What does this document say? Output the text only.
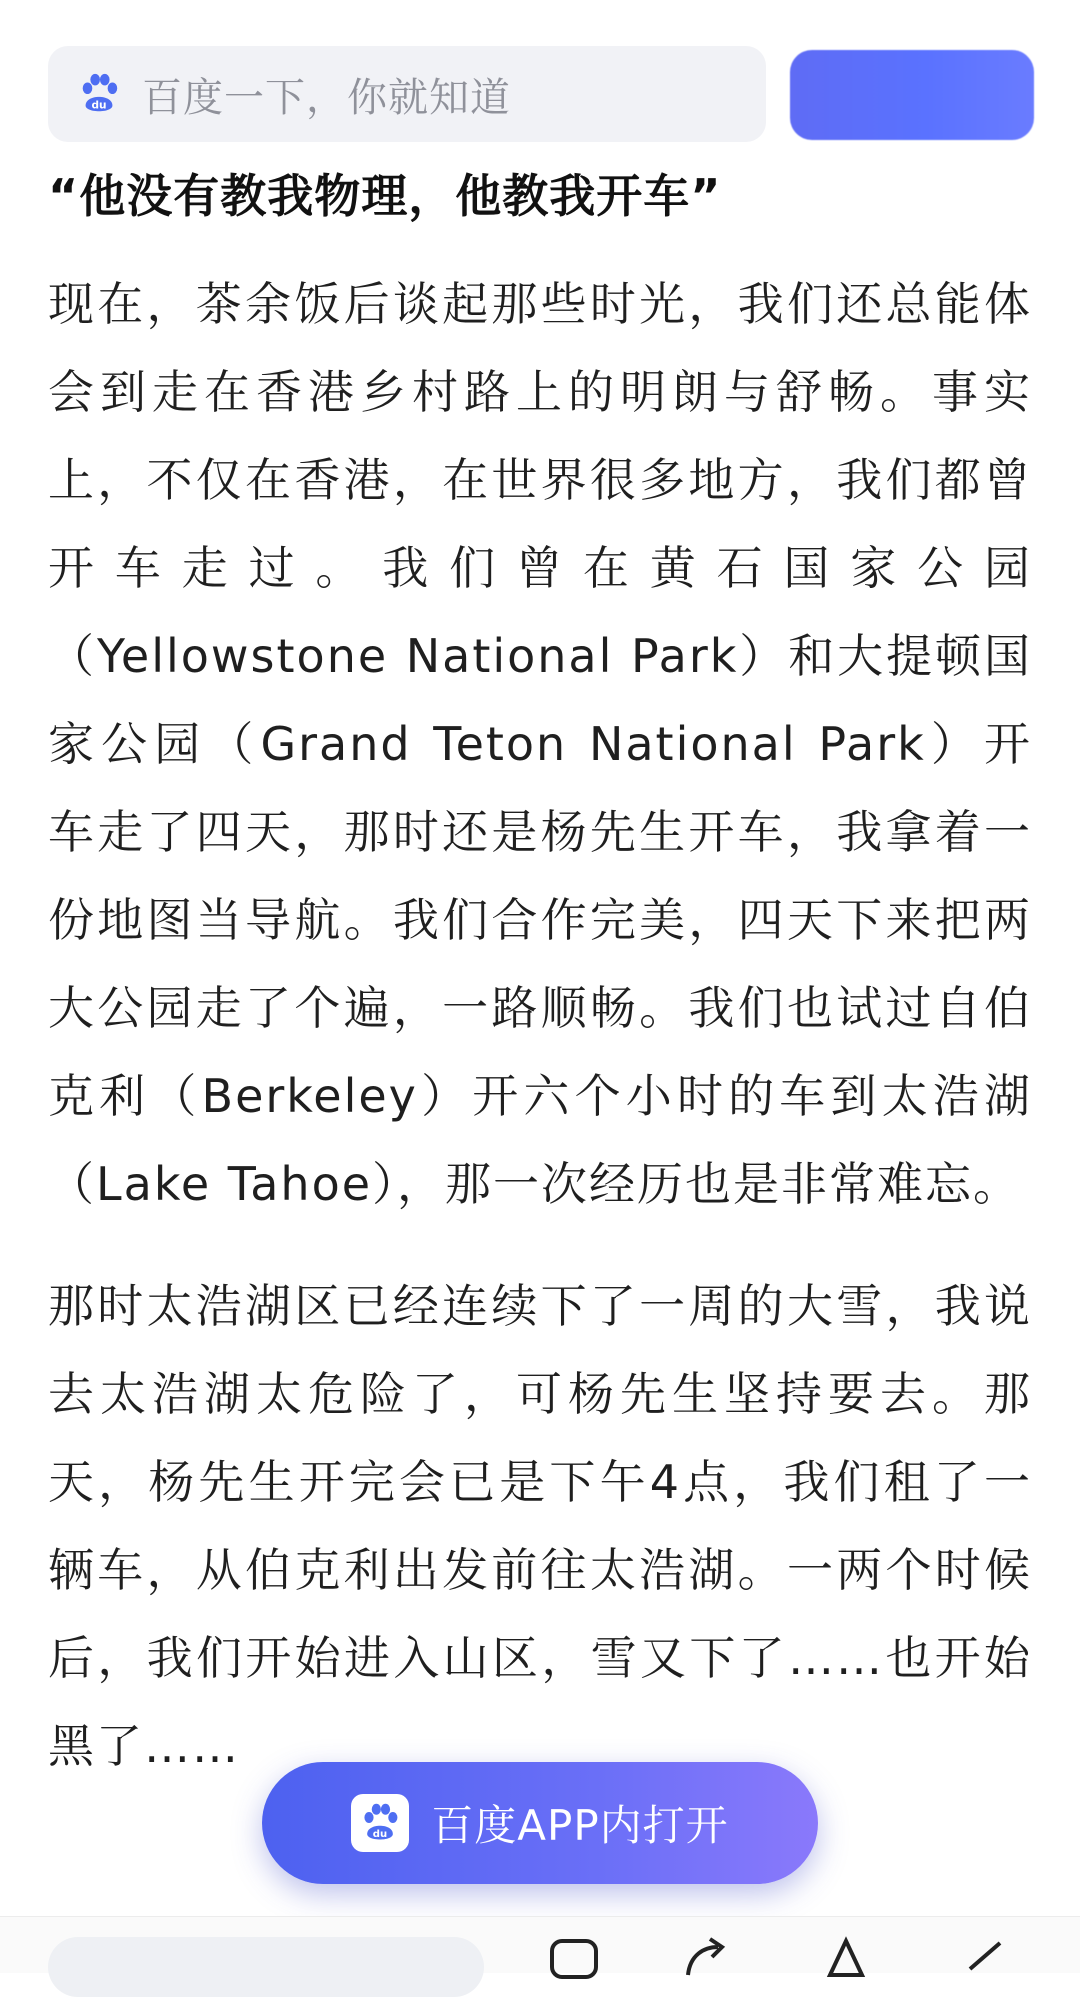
du 百度一下，你就知道
“他没有教我物理，他教我开车”

现在，茶余饭后谈起那些时光，我们还总能体会到走在香港乡村路上的明朗与舒畅。事实上，不仅在香港，在世界很多地方，我们都曾开车走过。我们曾在黄石国家公园（Yellowstone National Park）和大提顿国家公园（Grand Teton National Park）开车走了四天，那时还是杨先生开车，我拿着一份地图当导航。我们合作完美，四天下来把两大公园走了个遍，一路顺畅。我们也试过自伯克利（Berkeley）开六个小时的车到太浩湖（Lake Tahoe），那一次经历也是非常难忘。

那时太浩湖区已经连续下了一周的大雪，我说去太浩湖太危险了，可杨先生坚持要去。那天，杨先生开完会已是下午4点，我们租了一辆车，从伯克利出发前往太浩湖。一两个时候后，我们开始进入山区，雪又下了……也开始黑了……

du 百度APP内打开
